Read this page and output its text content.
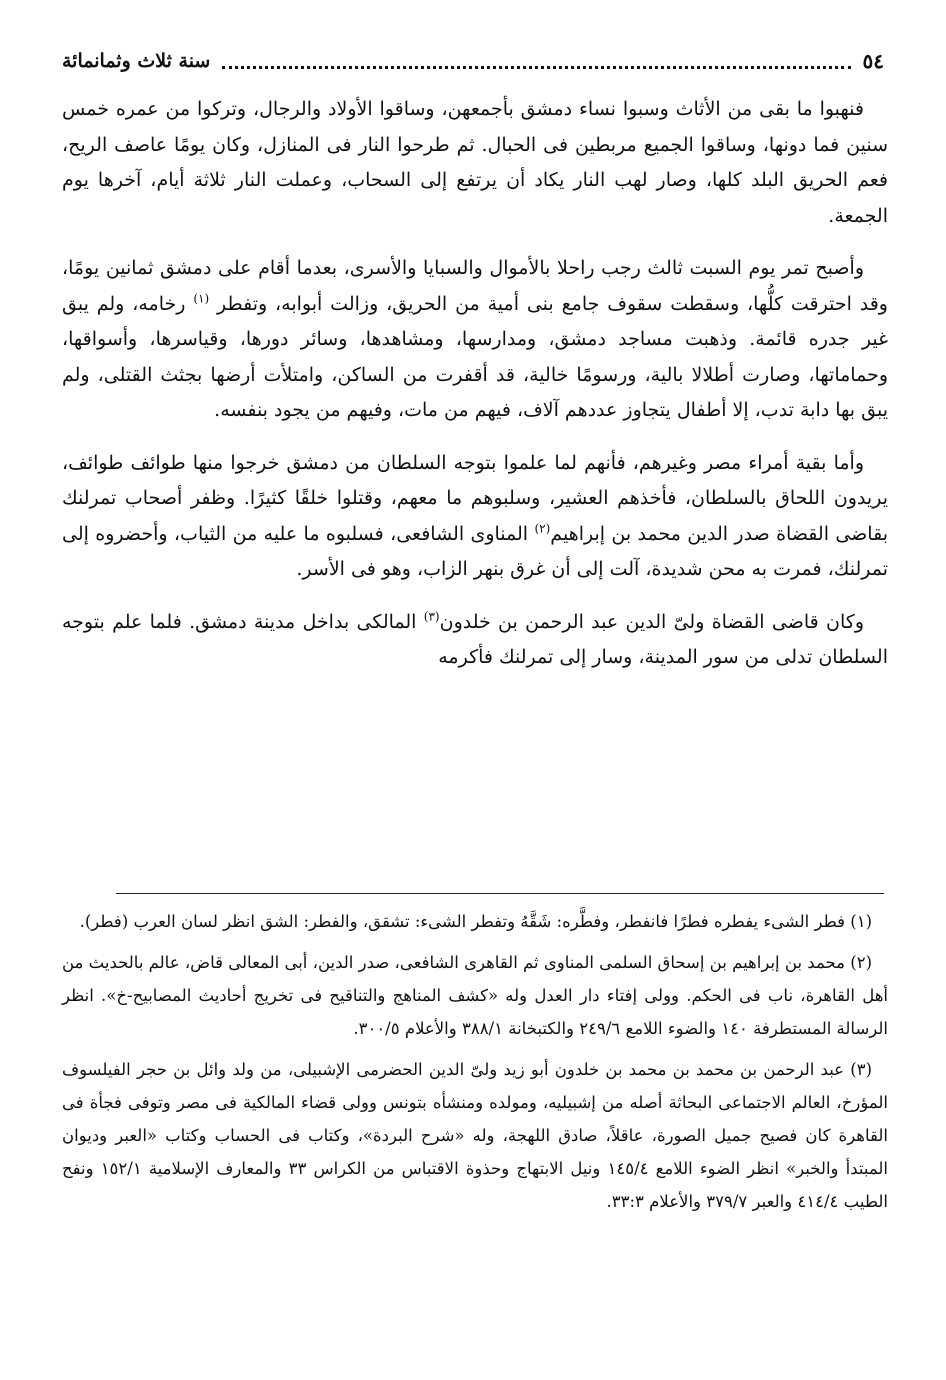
٥٤
سنة ثلاث وثمانمائة

فنهبوا ما بقى من الأثاث وسبوا نساء دمشق بأجمعهن، وساقوا الأولاد والرجال، وتركوا من عمره خمس سنين فما دونها، وساقوا الجميع مربطين فى الحبال. ثم طرحوا النار فى المنازل، وكان يومًا عاصف الريح، فعم الحريق البلد كلها، وصار لهب النار يكاد أن يرتفع إلى السحاب، وعملت النار ثلاثة أيام، آخرها يوم الجمعة.

وأصبح تمر يوم السبت ثالث رجب راحلا بالأموال والسبايا والأسرى، بعدما أقام على دمشق ثمانين يومًا، وقد احترقت كلُّها، وسقطت سقوف جامع بنى أمية من الحريق، وزالت أبوابه، وتفطر $^{(١)}$ رخامه، ولم يبق غير جدره قائمة. وذهبت مساجد دمشق، ومدارسها، ومشاهدها، وسائر دورها، وقياسرها، وأسواقها، وحماماتها، وصارت أطلالا بالية، ورسومًا خالية، قد أقفرت من الساكن، وامتلأت أرضها بجثث القتلى، ولم يبق بها دابة تدب، إلا أطفال يتجاوز عددهم آلاف، فيهم من مات، وفيهم من يجود بنفسه.

وأما بقية أمراء مصر وغيرهم، فأنهم لما علموا بتوجه السلطان من دمشق خرجوا منها طوائف طوائف، يريدون اللحاق بالسلطان، فأخذهم العشير، وسلبوهم ما معهم، وقتلوا خلقًا كثيرًا. وظفر أصحاب تمرلنك بقاضى القضاة صدر الدين محمد بن إبراهيم$^{(٢)}$ المناوى الشافعى، فسلبوه ما عليه من الثياب، وأحضروه إلى تمرلنك، فمرت به محن شديدة، آلت إلى أن غرق بنهر الزاب، وهو فى الأسر.

وكان قاضى القضاة ولىّ الدين عبد الرحمن بن خلدون$^{(٣)}$ المالكى بداخل مدينة دمشق. فلما علم بتوجه السلطان تدلى من سور المدينة، وسار إلى تمرلنك فأكرمه

(١) فطر الشىء يفطره فطرًا فانفطر، وفطَّره: شَقَّهُ وتفطر الشىء: تشقق، والفطر: الشق انظر لسان العرب (فطر).

(٢) محمد بن إبراهيم بن إسحاق السلمى المناوى ثم القاهرى الشافعى، صدر الدين، أبى المعالى قاض، عالم بالحديث من أهل القاهرة، ناب فى الحكم. وولى إفتاء دار العدل وله «كشف المناهج والتناقيح فى تخريج أحاديث المصابيح-خ». انظر الرسالة المستطرفة ١٤٠ والضوء اللامع ٢٤٩/٦ والكتبخانة ٣٨٨/١ والأعلام ٣٠٠/٥.

(٣) عبد الرحمن بن محمد بن محمد بن خلدون أبو زيد ولىّ الدين الحضرمى الإشبيلى، من ولد وائل بن حجر الفيلسوف المؤرخ، العالم الاجتماعى البحاثة أصله من إشبيليه، ومولده ومنشأه بتونس وولى قضاء المالكية فى مصر وتوفى فجأة فى القاهرة كان فصيح جميل الصورة، عاقلاً، صادق اللهجة، وله «شرح البردة»، وكتاب فى الحساب وكتاب «العبر وديوان المبتدأ والخبر» انظر الضوء اللامع ١٤٥/٤ ونيل الابتهاج وحذوة الاقتباس من الكراس ٣٣ والمعارف الإسلامية ١٥٢/١ ونفح الطيب ٤١٤/٤ والعبر ٣٧٩/٧ والأعلام ٣٣:٣.
